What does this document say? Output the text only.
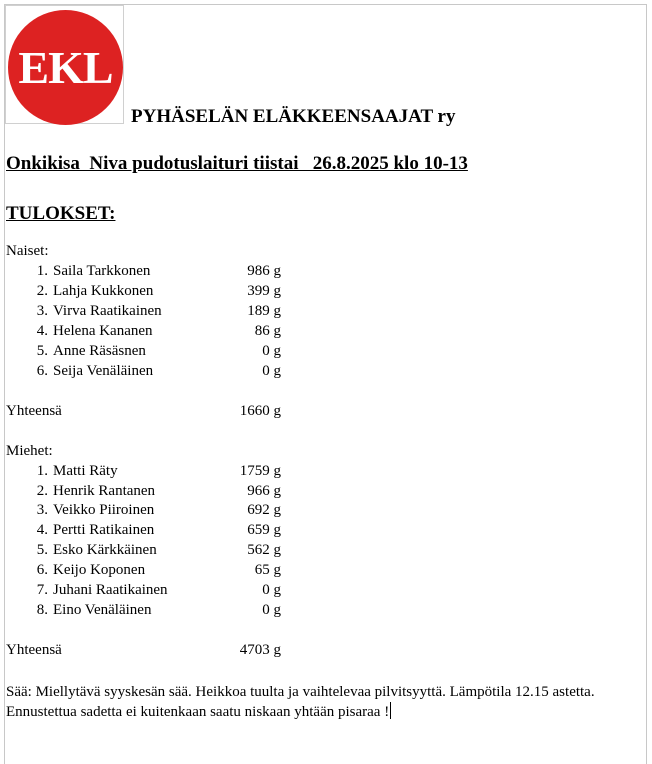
EKL
PYHÄSELÄN ELÄKKEENSAAJAT ry
Onkikisa  Niva pudotuslaituri tiistai   26.8.2025 klo 10-13
TULOKSET:
Naiset:
1. Saila Tarkkonen	986 g
2. Lahja Kukkonen	399 g
3. Virva Raatikainen	189 g
4. Helena Kananen	86 g
5. Anne Räsäsnen	0 g
6. Seija Venäläinen	0 g
Yhteensä	1660 g
Miehet:
1. Matti Räty	1759 g
2. Henrik Rantanen	966 g
3. Veikko Piiroinen	692 g
4. Pertti Ratikainen	659 g
5. Esko Kärkkäinen	562 g
6. Keijo Koponen	65 g
7. Juhani Raatikainen	0 g
8. Eino Venäläinen	0 g
Yhteensä	4703 g
Sää: Miellytävä syyskesän sää. Heikkoa tuulta ja vaihtelevaa pilvitsyyttä. Lämpötila 12.15 astetta. Ennustettua sadetta ei kuitenkaan saatu niskaan yhtään pisaraa !
